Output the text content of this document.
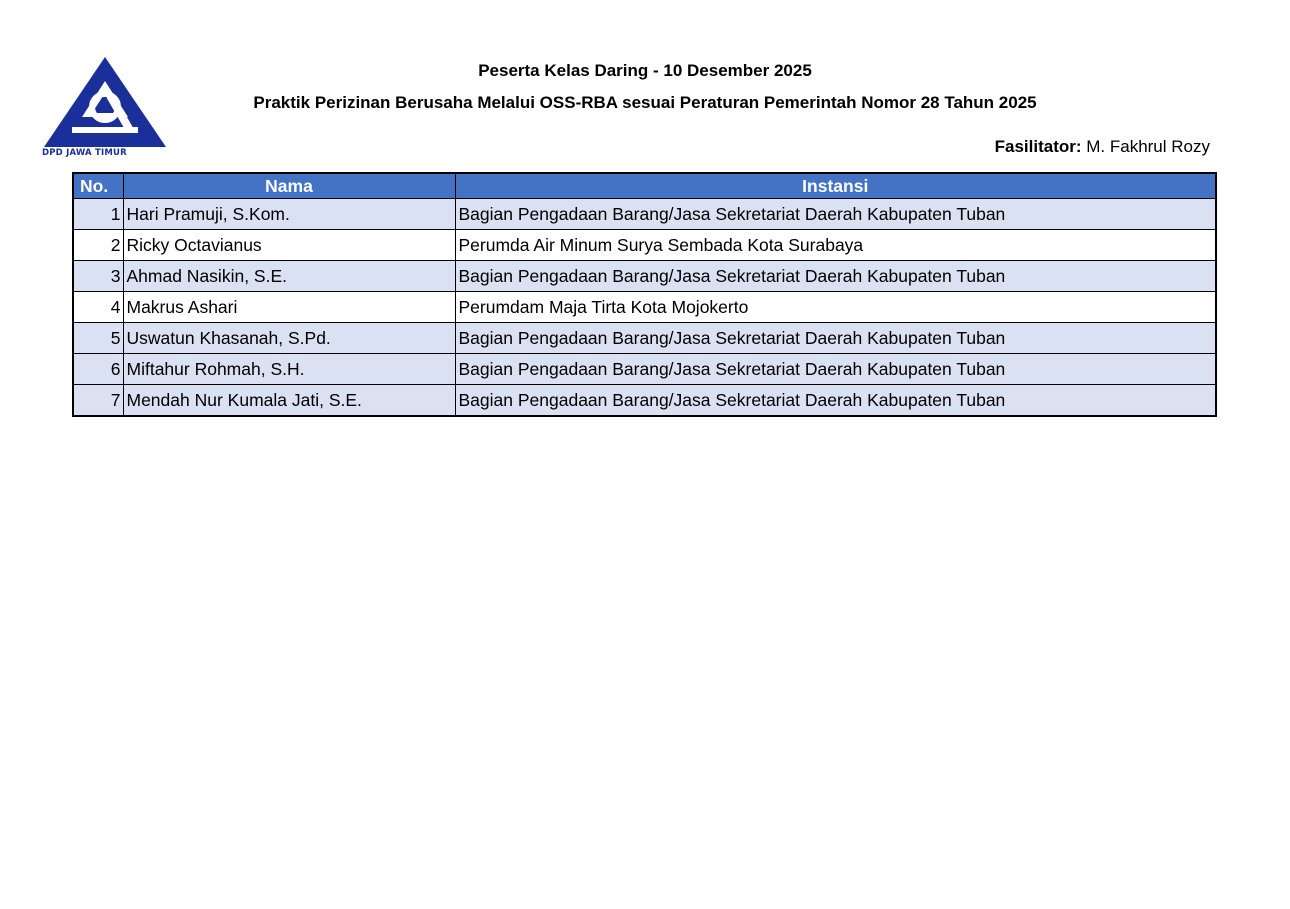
DPD JAWA TIMUR
Peserta Kelas Daring - 10 Desember 2025
Praktik Perizinan Berusaha Melalui OSS-RBA sesuai Peraturan Pemerintah Nomor 28 Tahun 2025
Fasilitator: M. Fakhrul Rozy
No.	Nama	Instansi
1	Hari Pramuji, S.Kom.	Bagian Pengadaan Barang/Jasa Sekretariat Daerah Kabupaten Tuban
2	Ricky Octavianus	Perumda Air Minum Surya Sembada Kota Surabaya
3	Ahmad Nasikin, S.E.	Bagian Pengadaan Barang/Jasa Sekretariat Daerah Kabupaten Tuban
4	Makrus Ashari	Perumdam Maja Tirta Kota Mojokerto
5	Uswatun Khasanah, S.Pd.	Bagian Pengadaan Barang/Jasa Sekretariat Daerah Kabupaten Tuban
6	Miftahur Rohmah, S.H.	Bagian Pengadaan Barang/Jasa Sekretariat Daerah Kabupaten Tuban
7	Mendah Nur Kumala Jati, S.E.	Bagian Pengadaan Barang/Jasa Sekretariat Daerah Kabupaten Tuban
